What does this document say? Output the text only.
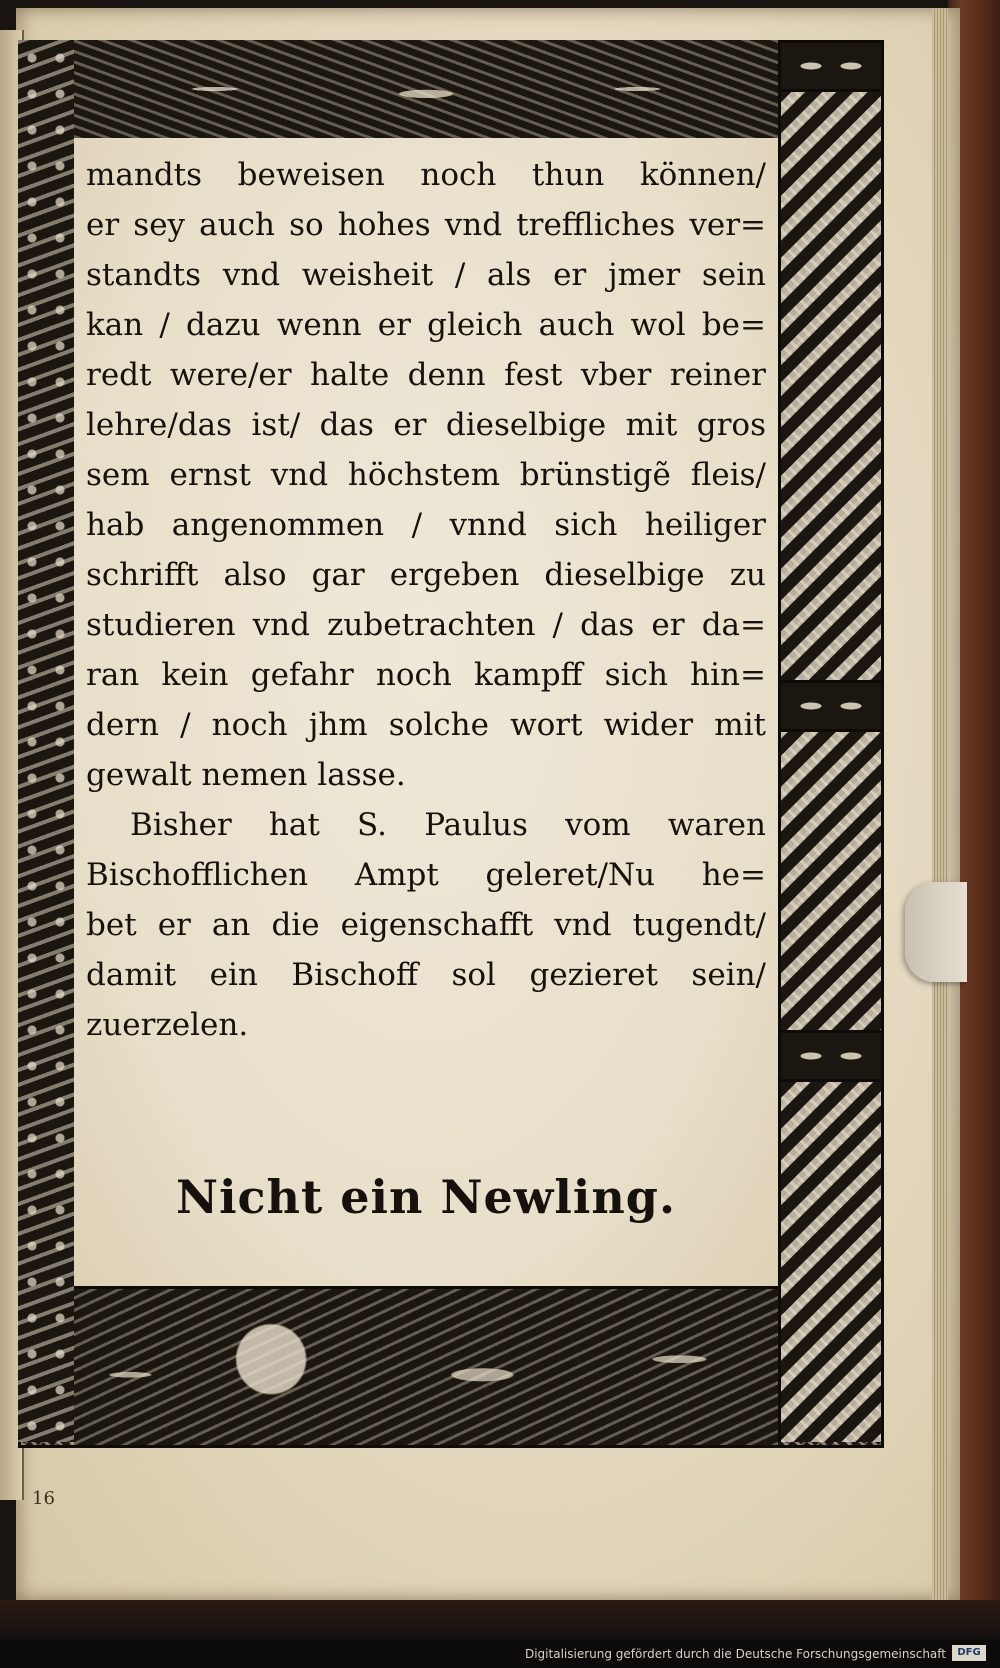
mandts beweisen noch thun können/
er sey auch so hohes vnd treffliches ver=
standts vnd weisheit / als er jmer sein
kan / dazu wenn er gleich auch wol be=
redt were/er halte denn fest vber reiner
lehre/das ist/ das er dieselbige mit gros
sem ernst vnd höchstem brünstigẽ fleis/
hab angenommen / vnnd sich heiliger
schrifft also gar ergeben dieselbige zu
studieren vnd zubetrachten / das er da=
ran kein gefahr noch kampff sich hin=
dern / noch jhm solche wort wider mit
gewalt nemen lasse.
Bisher hat S. Paulus vom waren
Bischofflichen Ampt geleret/Nu he=
bet er an die eigenschafft vnd tugendt/
damit ein Bischoff sol gezieret sein/
zuerzelen.
Nicht ein Newling.
16
Digitalisierung gefördert durch die Deutsche Forschungsgemeinschaft	DFG
